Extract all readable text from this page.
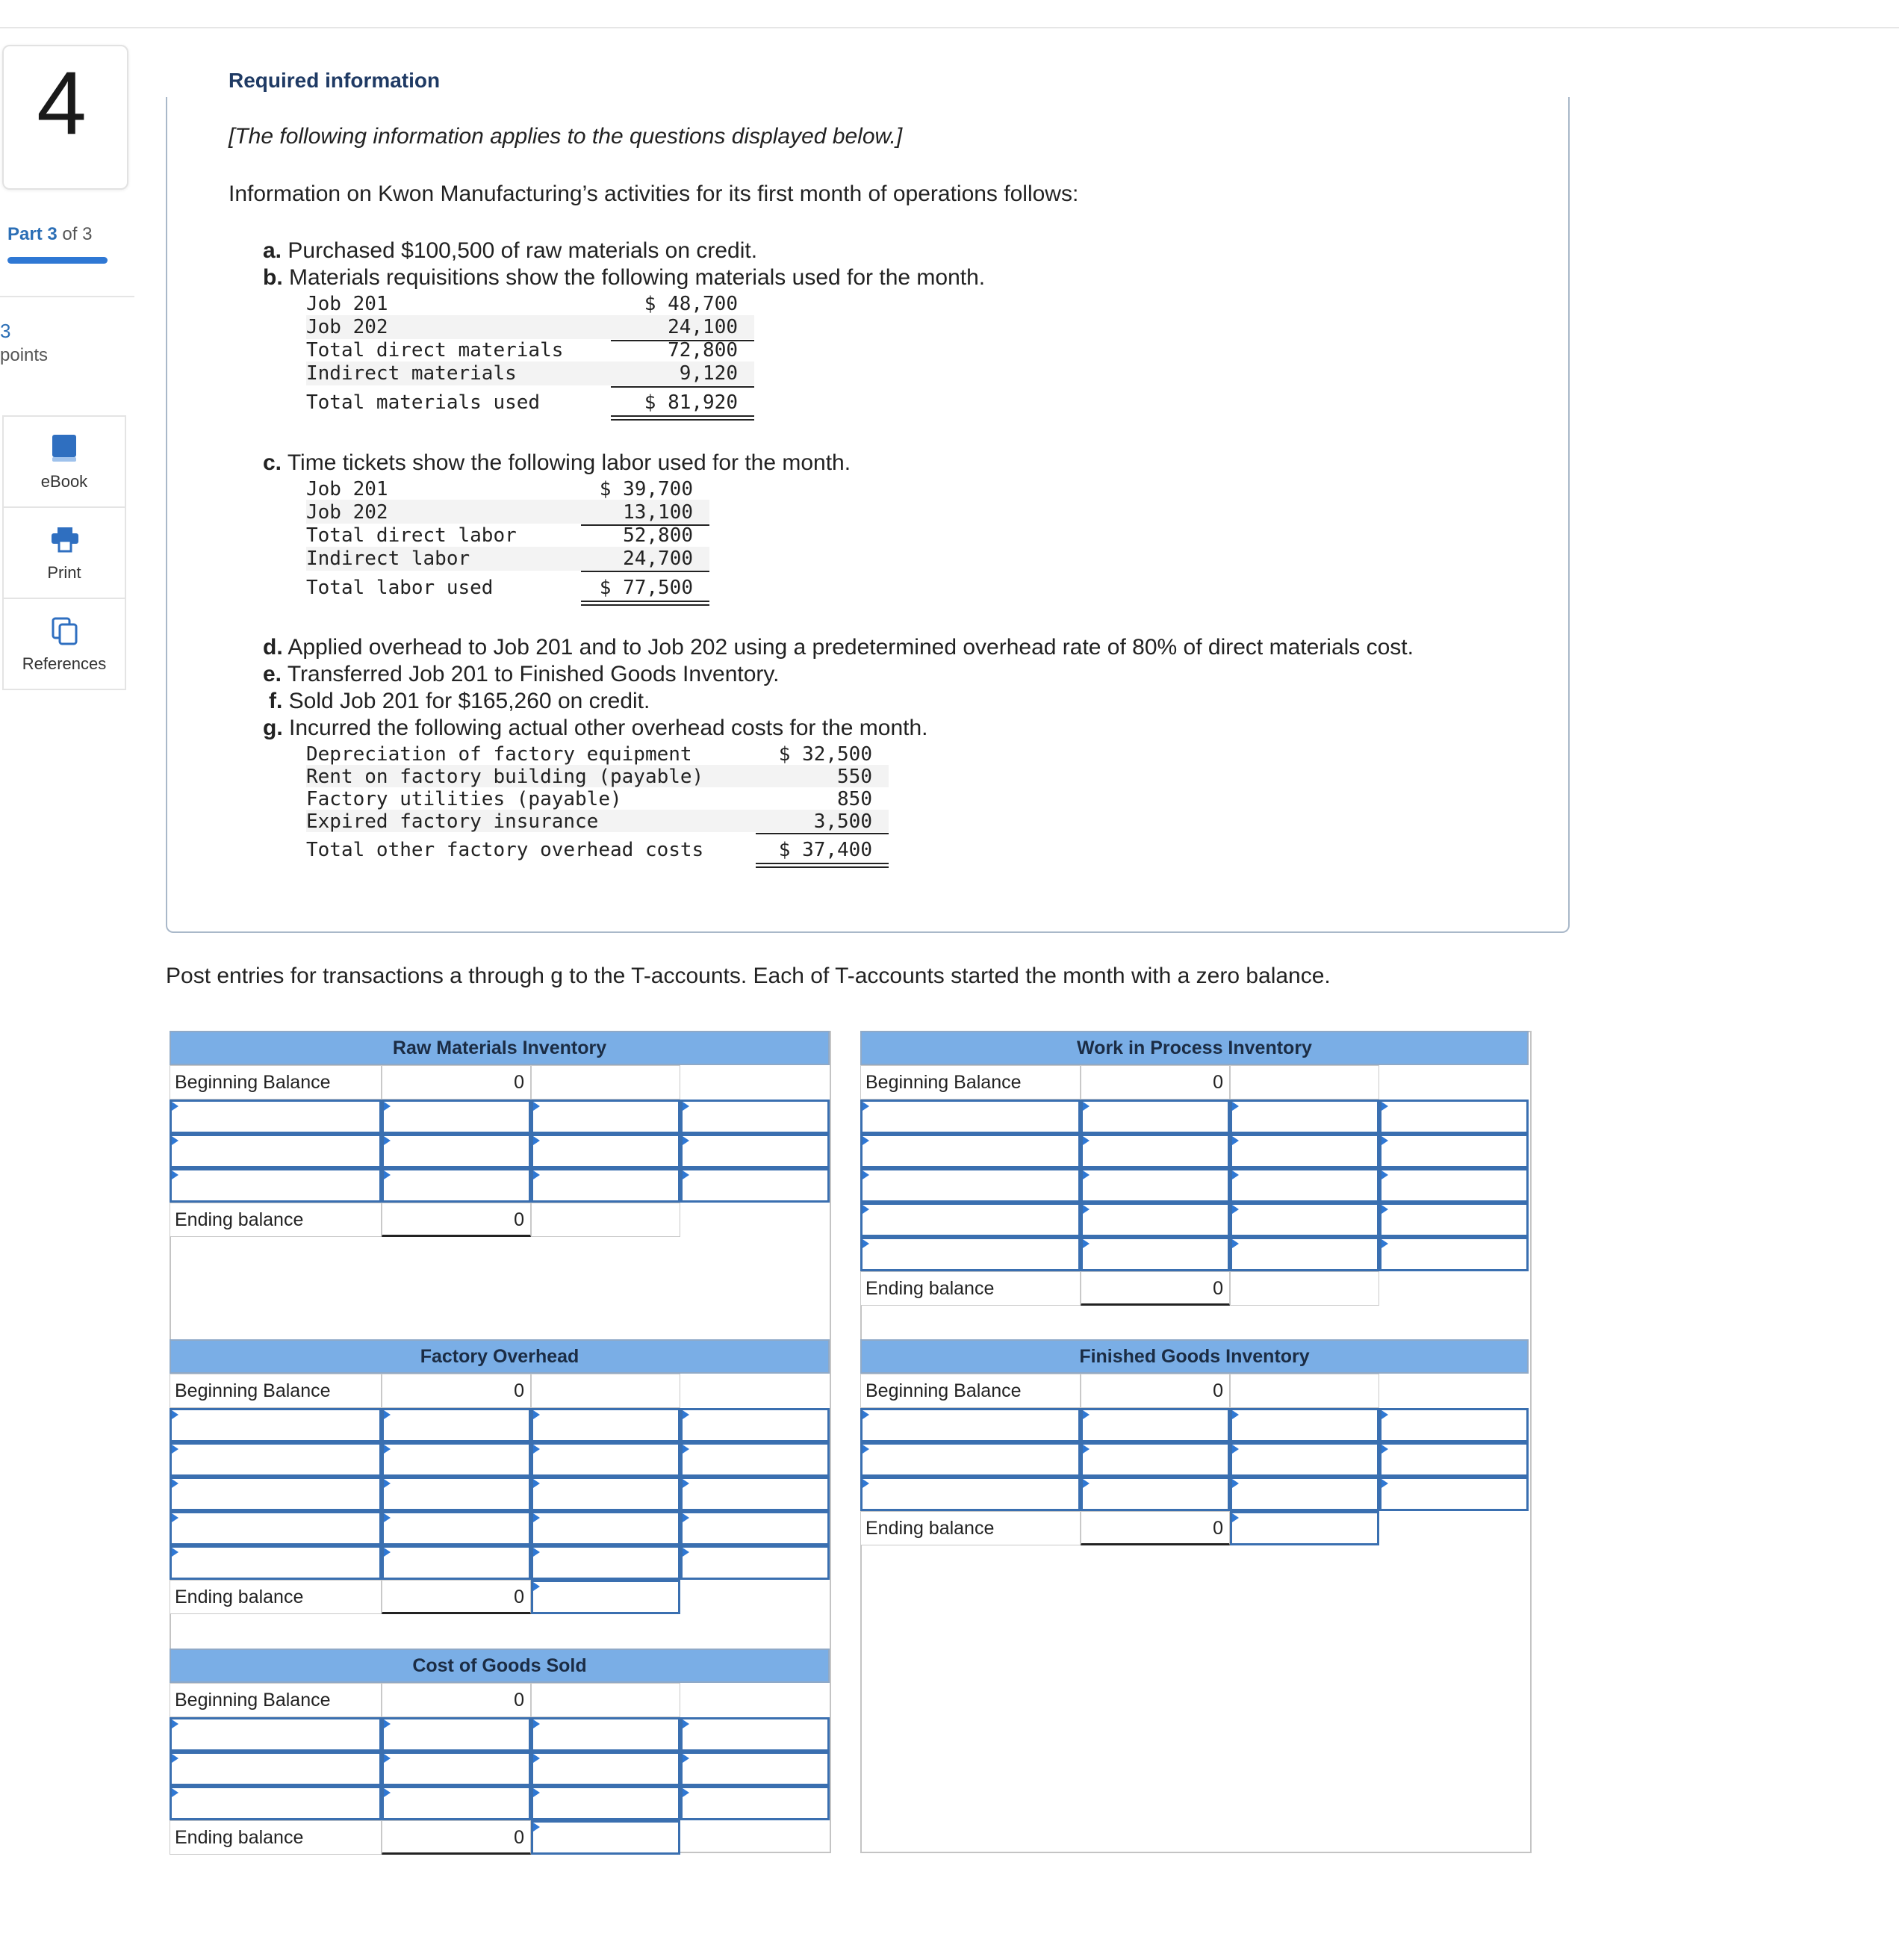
4
Part 3 of 3
3
points
eBook
Print
References
Required information
[The following information applies to the questions displayed below.]
Information on Kwon Manufacturing’s activities for its first month of operations follows:
a. Purchased $100,500 of raw materials on credit.
b. Materials requisitions show the following materials used for the month.
Job 201	$ 48,700
Job 202	24,100
Total direct materials	72,800
Indirect materials	9,120
Total materials used	$ 81,920
c. Time tickets show the following labor used for the month.
Job 201	$ 39,700
Job 202	13,100
Total direct labor	52,800
Indirect labor	24,700
Total labor used	$ 77,500
d. Applied overhead to Job 201 and to Job 202 using a predetermined overhead rate of 80% of direct materials cost.
e. Transferred Job 201 to Finished Goods Inventory.
f. Sold Job 201 for $165,260 on credit.
g. Incurred the following actual other overhead costs for the month.
Depreciation of factory equipment	$ 32,500
Rent on factory building (payable)	550
Factory utilities (payable)	850
Expired factory insurance	3,500
Total other factory overhead costs	$ 37,400
Post entries for transactions a through g to the T-accounts. Each of T-accounts started the month with a zero balance.
Raw Materials Inventory
Beginning Balance	0
Ending balance	0
Work in Process Inventory
Beginning Balance	0
Ending balance	0
Factory Overhead
Beginning Balance	0
Ending balance	0
Finished Goods Inventory
Beginning Balance	0
Ending balance	0
Cost of Goods Sold
Beginning Balance	0
Ending balance	0
